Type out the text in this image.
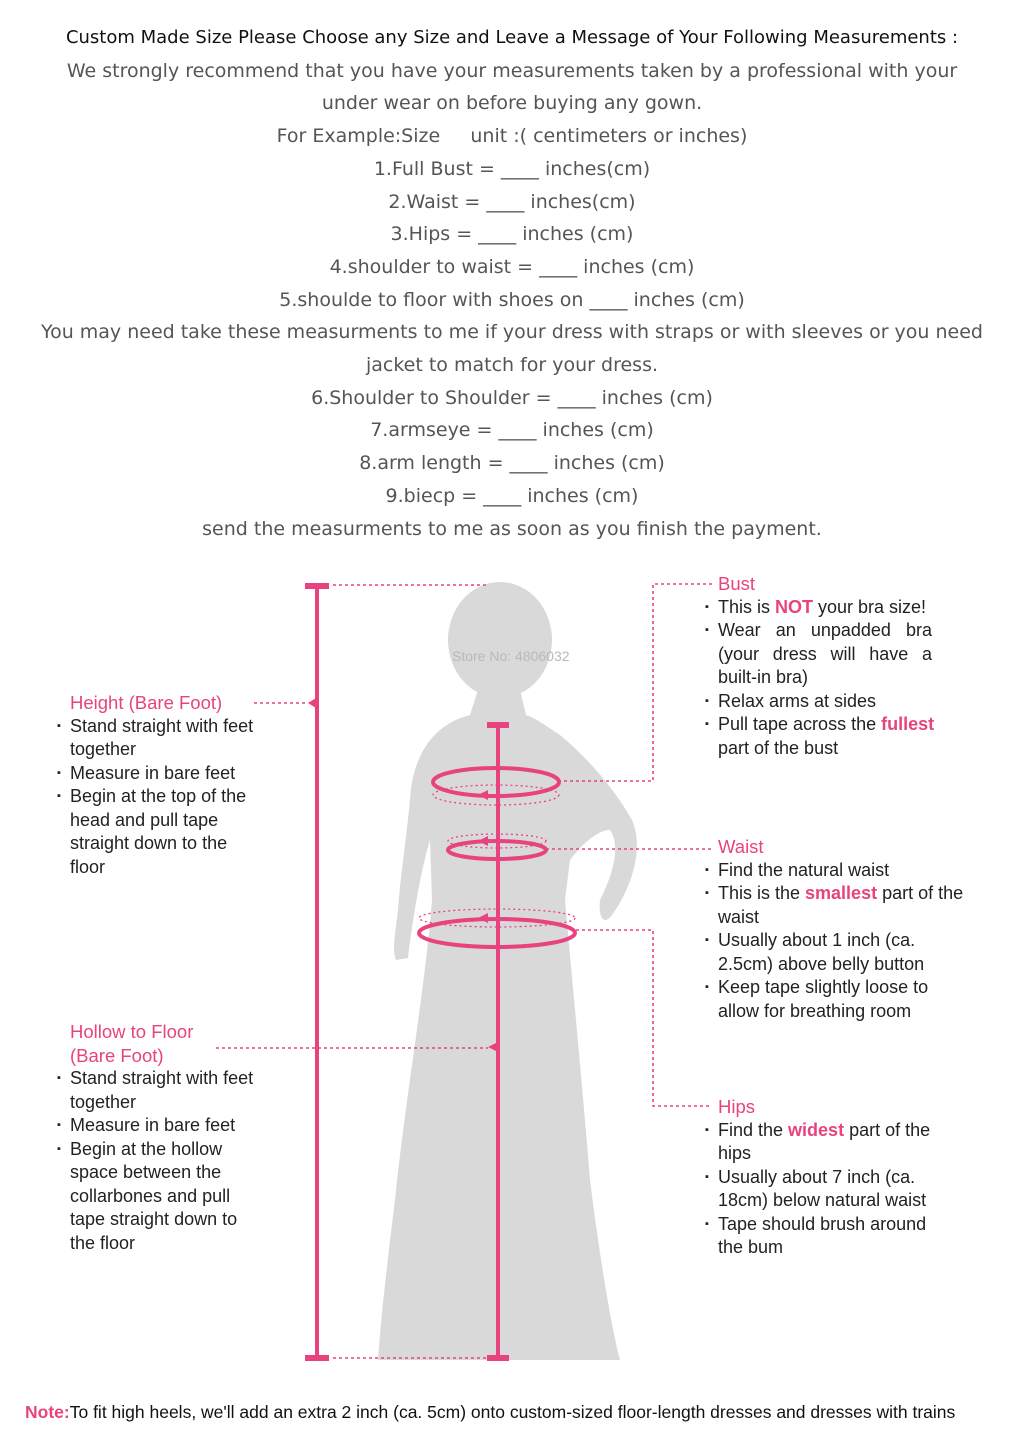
Custom Made Size Please Choose any Size and Leave a Message of Your Following Measurements :
We strongly recommend that you have your measurements taken by a professional with your under wear on before buying any gown.
For Example:Size     unit :( centimeters or inches)
1.Full Bust = ____ inches(cm)
2.Waist = ____ inches(cm)
3.Hips = ____ inches (cm)
4.shoulder to waist = ____ inches (cm)
5.shoulde to floor with shoes on ____ inches (cm)
You may need take these measurments to me if your dress with straps or with sleeves or you need jacket to match for your dress.
6.Shoulder to Shoulder = ____ inches (cm)
7.armseye = ____ inches (cm)
8.arm length = ____ inches (cm)
9.biecp = ____ inches (cm)
send the measurments to me as soon as you finish the payment.
Store No: 4806032
Height (Bare Foot)
▪ Stand straight with feet together
▪ Measure in bare feet
▪ Begin at the top of the head and pull tape straight down to the floor
Hollow to Floor
(Bare Foot)
▪ Stand straight with feet together
▪ Measure in bare feet
▪ Begin at the hollow space between the collarbones and pull tape straight down to the floor
Bust
▪ This is NOT your bra size!
▪ Wear an unpadded bra (your dress will have a built-in bra)
▪ Relax arms at sides
▪ Pull tape across the fullest part of the bust
Waist
▪ Find the natural waist
▪ This is the smallest part of the waist
▪ Usually about 1 inch (ca. 2.5cm) above belly button
▪ Keep tape slightly loose to allow for breathing room
Hips
▪ Find the widest part of the hips
▪ Usually about 7 inch (ca. 18cm) below natural waist
▪ Tape should brush around the bum
Note:To fit high heels, we'll add an extra 2 inch (ca. 5cm) onto custom-sized floor-length dresses and dresses with trains
